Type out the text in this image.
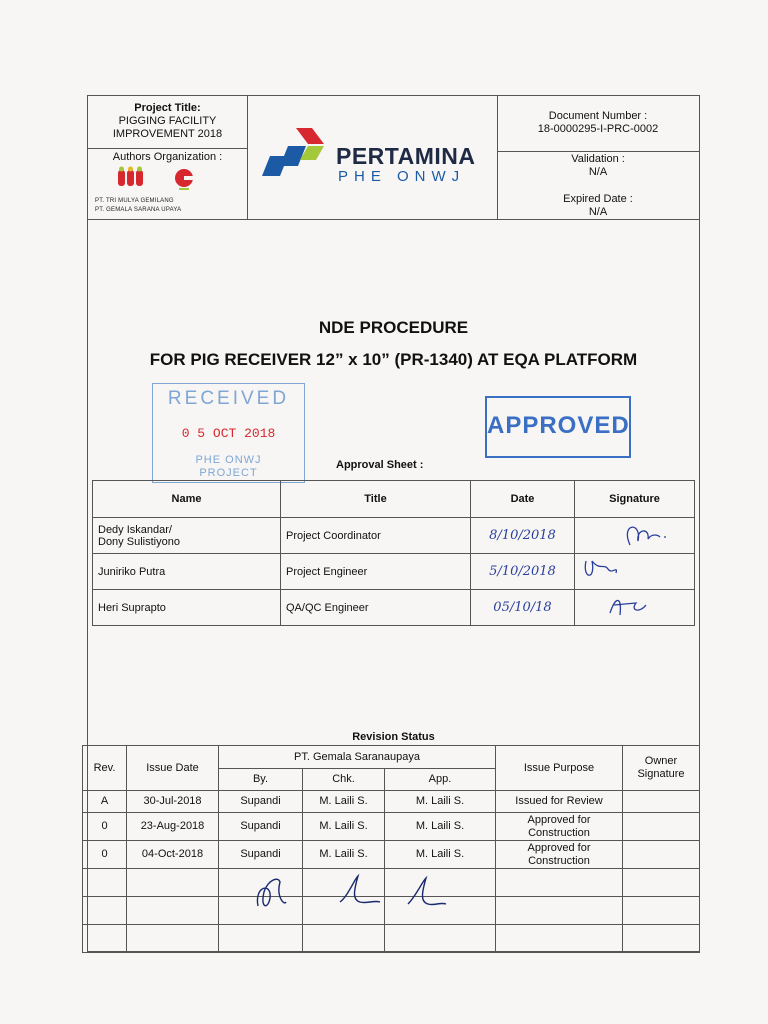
Project Title:
PIGGING FACILITY
IMPROVEMENT 2018
Authors Organization :
PT. TRI MULYA GEMILANG
PT. GEMALA SARANA UPAYA
PERTAMINA
PHE ONWJ
Document Number :
18-0000295-I-PRC-0002
Validation :
N/A
Expired Date :
N/A
NDE PROCEDURE
FOR PIG RECEIVER 12” x 10” (PR-1340) AT EQA PLATFORM
RECEIVED
0 5 OCT 2018
PHE ONWJ
PROJECT
APPROVED
Approval Sheet :
Name	Title	Date	Signature

Dedy Iskandar/
Dony Sulistiyono	Project Coordinator	8/10/2018	

Juniriko Putra	Project Engineer	5/10/2018	

Heri Suprapto	QA/QC Engineer	05/10/18	
Revision Status
Rev.	Issue Date	PT. Gemala Saranaupaya			Issue Purpose	Owner
Signature

		By.	Chk.	App.		
A	30-Jul-2018	Supandi	M. Laili S.	M. Laili S.	Issued for Review	

0	23-Aug-2018	Supandi	M. Laili S.	M. Laili S.	Approved for
Construction	

0	04-Oct-2018	Supandi	M. Laili S.	M. Laili S.	Approved for
Construction	
